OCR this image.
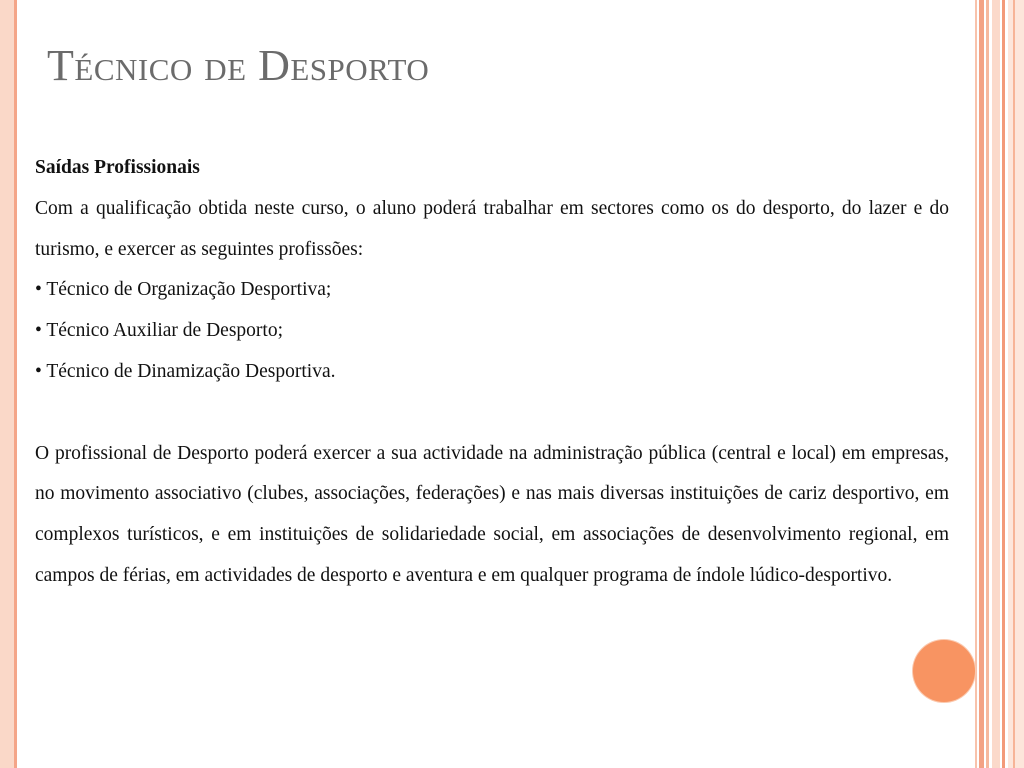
Técnico de Desporto

Saídas Profissionais

Com a qualificação obtida neste curso, o aluno poderá trabalhar em sectores como os do desporto, do lazer e do turismo, e exercer as seguintes profissões:

• Técnico de Organização Desportiva;

• Técnico Auxiliar de Desporto;

• Técnico de Dinamização Desportiva.

O profissional de Desporto poderá exercer a sua actividade na administração pública (central e local) em empresas, no movimento associativo (clubes, associações, federações) e nas mais diversas instituições de cariz desportivo, em complexos turísticos, e em instituições de solidariedade social, em associações de desenvolvimento regional, em campos de férias, em actividades de desporto e aventura e em qualquer programa de índole lúdico-desportivo.
